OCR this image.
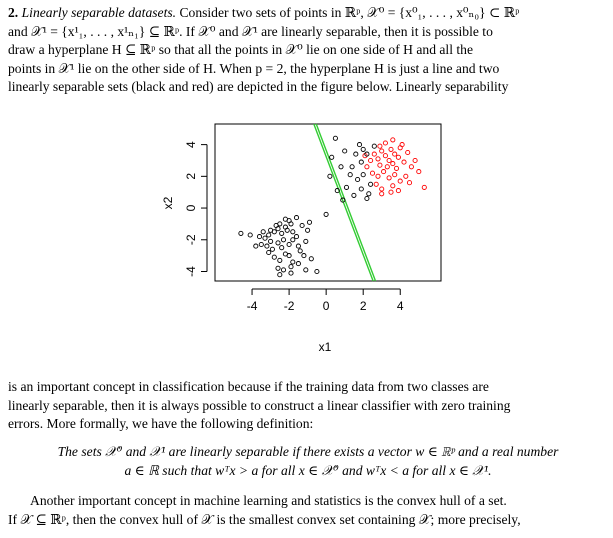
2. Linearly separable datasets. Consider two sets of points in ℝᵖ, 𝒳⁰ = {x⁰₁, . . . , x⁰ₙ₀} ⊂ ℝᵖ
and 𝒳¹ = {x¹₁, . . . , x¹ₙ₁} ⊆ ℝᵖ. If 𝒳⁰ and 𝒳¹ are linearly separable, then it is possible to
draw a hyperplane H ⊆ ℝᵖ so that all the points in 𝒳⁰ lie on one side of H and all the
points in 𝒳¹ lie on the other side of H. When p = 2, the hyperplane H is just a line and two
linearly separable sets (black and red) are depicted in the figure below. Linearly separability

-4 -2 0	2	4
-4
-2
0
2
4
x1
x2

is an important concept in classification because if the training data from two classes are
linearly separable, then it is always possible to construct a linear classifier with zero training
errors. More formally, we have the following definition:

The sets 𝒳⁰ and 𝒳¹ are linearly separable if there exists a vector w ∈ ℝᵖ and a real number
a ∈ ℝ such that wᵀx > a for all x ∈ 𝒳⁰ and wᵀx < a for all x ∈ 𝒳¹.

Another important concept in machine learning and statistics is the convex hull of a set.
If 𝒳 ⊆ ℝᵖ, then the convex hull of 𝒳 is the smallest convex set containing 𝒳; more precisely,
